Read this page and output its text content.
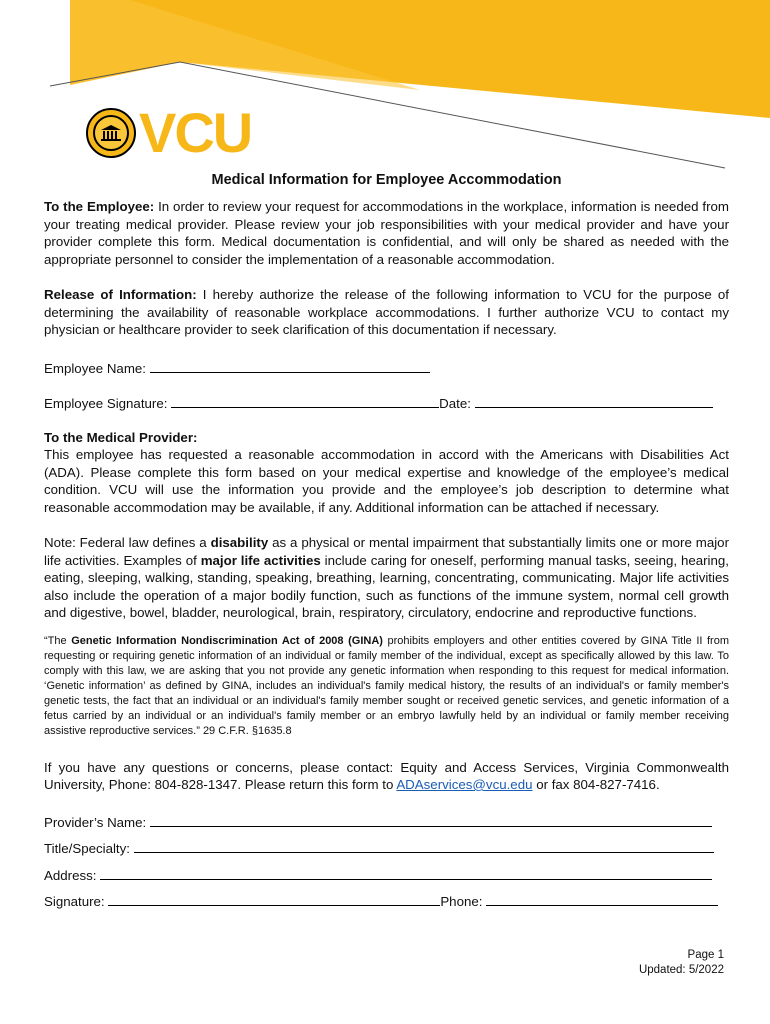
VCU
Medical Information for Employee Accommodation

To the Employee: In order to review your request for accommodations in the workplace, information is needed from your treating medical provider. Please review your job responsibilities with your medical provider and have your provider complete this form. Medical documentation is confidential, and will only be shared as needed with the appropriate personnel to consider the implementation of a reasonable accommodation.

Release of Information: I hereby authorize the release of the following information to VCU for the purpose of determining the availability of reasonable workplace accommodations. I further authorize VCU to contact my physician or healthcare provider to seek clarification of this documentation if necessary.

Employee Name:
Employee Signature:	Date:

To the Medical Provider:

This employee has requested a reasonable accommodation in accord with the Americans with Disabilities Act (ADA). Please complete this form based on your medical expertise and knowledge of the employee’s medical condition. VCU will use the information you provide and the employee’s job description to determine what reasonable accommodation may be available, if any. Additional information can be attached if necessary.

Note: Federal law defines a disability as a physical or mental impairment that substantially limits one or more major life activities. Examples of major life activities include caring for oneself, performing manual tasks, seeing, hearing, eating, sleeping, walking, standing, speaking, breathing, learning, concentrating, communicating. Major life activities also include the operation of a major bodily function, such as functions of the immune system, normal cell growth and digestive, bowel, bladder, neurological, brain, respiratory, circulatory, endocrine and reproductive functions.

“The Genetic Information Nondiscrimination Act of 2008 (GINA) prohibits employers and other entities covered by GINA Title II from requesting or requiring genetic information of an individual or family member of the individual, except as specifically allowed by this law. To comply with this law, we are asking that you not provide any genetic information when responding to this request for medical information. ‘Genetic information’ as defined by GINA, includes an individual's family medical history, the results of an individual's or family member's genetic tests, the fact that an individual or an individual's family member sought or received genetic services, and genetic information of a fetus carried by an individual or an individual's family member or an embryo lawfully held by an individual or family member receiving assistive reproductive services.” 29 C.F.R. §1635.8

If you have any questions or concerns, please contact: Equity and Access Services, Virginia Commonwealth University, Phone: 804-828-1347. Please return this form to ADAservices@vcu.edu or fax 804-827-7416.

Provider’s Name:
Title/Specialty:
Address:
Signature:	Phone:
Page 1
Updated: 5/2022
